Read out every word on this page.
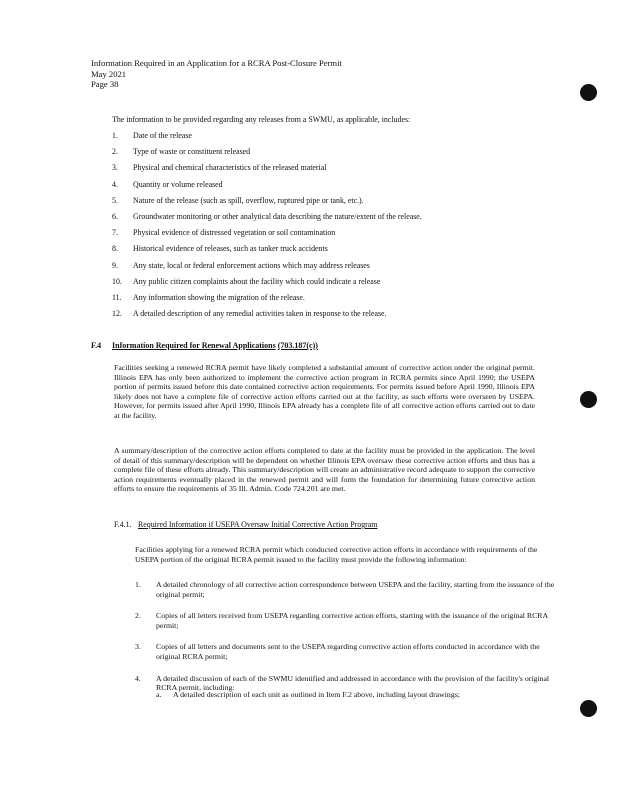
Information Required in an Application for a RCRA Post-Closure Permit
May 2021
Page 38
The information to be provided regarding any releases from a SWMU, as applicable, includes:
1.	Date of the release
2.	Type of waste or constituent released
3.	Physical and chemical characteristics of the released material
4.	Quantity or volume released
5.	Nature of the release (such as spill, overflow, ruptured pipe or tank, etc.).
6.	Groundwater monitoring or other analytical data describing the nature/extent of the release.
7.	Physical evidence of distressed vegetation or soil contamination
8.	Historical evidence of releases, such as tanker truck accidents
9.	Any state, local or federal enforcement actions which may address releases
10.	Any public citizen complaints about the facility which could indicate a release
11.	Any information showing the migration of the release.
12.	A detailed description of any remedial activities taken in response to the release.
F.4 Information Required for Renewal Applications (703.187(c))
Facilities seeking a renewed RCRA permit have likely completed a substantial amount of corrective action under the original permit. Illinois EPA has only been authorized to implement the corrective action program in RCRA permits since April 1990; the USEPA portion of permits issued before this date contained corrective action requirements. For permits issued before April 1990, Illinois EPA likely does not have a complete file of corrective action efforts carried out at the facility, as such efforts were overseen by USEPA. However, for permits issued after April 1990, Illinois EPA already has a complete file of all corrective action efforts carried out to date at the facility.
A summary/description of the corrective action efforts completed to date at the facility must be provided in the application. The level of detail of this summary/description will be dependent on whether Illinois EPA oversaw these corrective action efforts and thus has a complete file of these efforts already. This summary/description will create an administrative record adequate to support the corrective action requirements eventually placed in the renewed permit and will form the foundation for determining future corrective action efforts to ensure the requirements of 35 Ill. Admin. Code 724.201 are met.
F.4.1. Required Information if USEPA Oversaw Initial Corrective Action Program
Facilities applying for a renewed RCRA permit which conducted corrective action efforts in accordance with requirements of the USEPA portion of the original RCRA permit issued to the facility must provide the following information:
1. A detailed chronology of all corrective action correspondence between USEPA and the facility, starting from the issuance of the original permit;
2. Copies of all letters received from USEPA regarding corrective action efforts, starting with the issuance of the original RCRA permit;
3. Copies of all letters and documents sent to the USEPA regarding corrective action efforts conducted in accordance with the original RCRA permit;
4. A detailed discussion of each of the SWMU identified and addressed in accordance with the provision of the facility's original RCRA permit, including:
a. A detailed description of each unit as outlined in Item F.2 above, including layout drawings;
